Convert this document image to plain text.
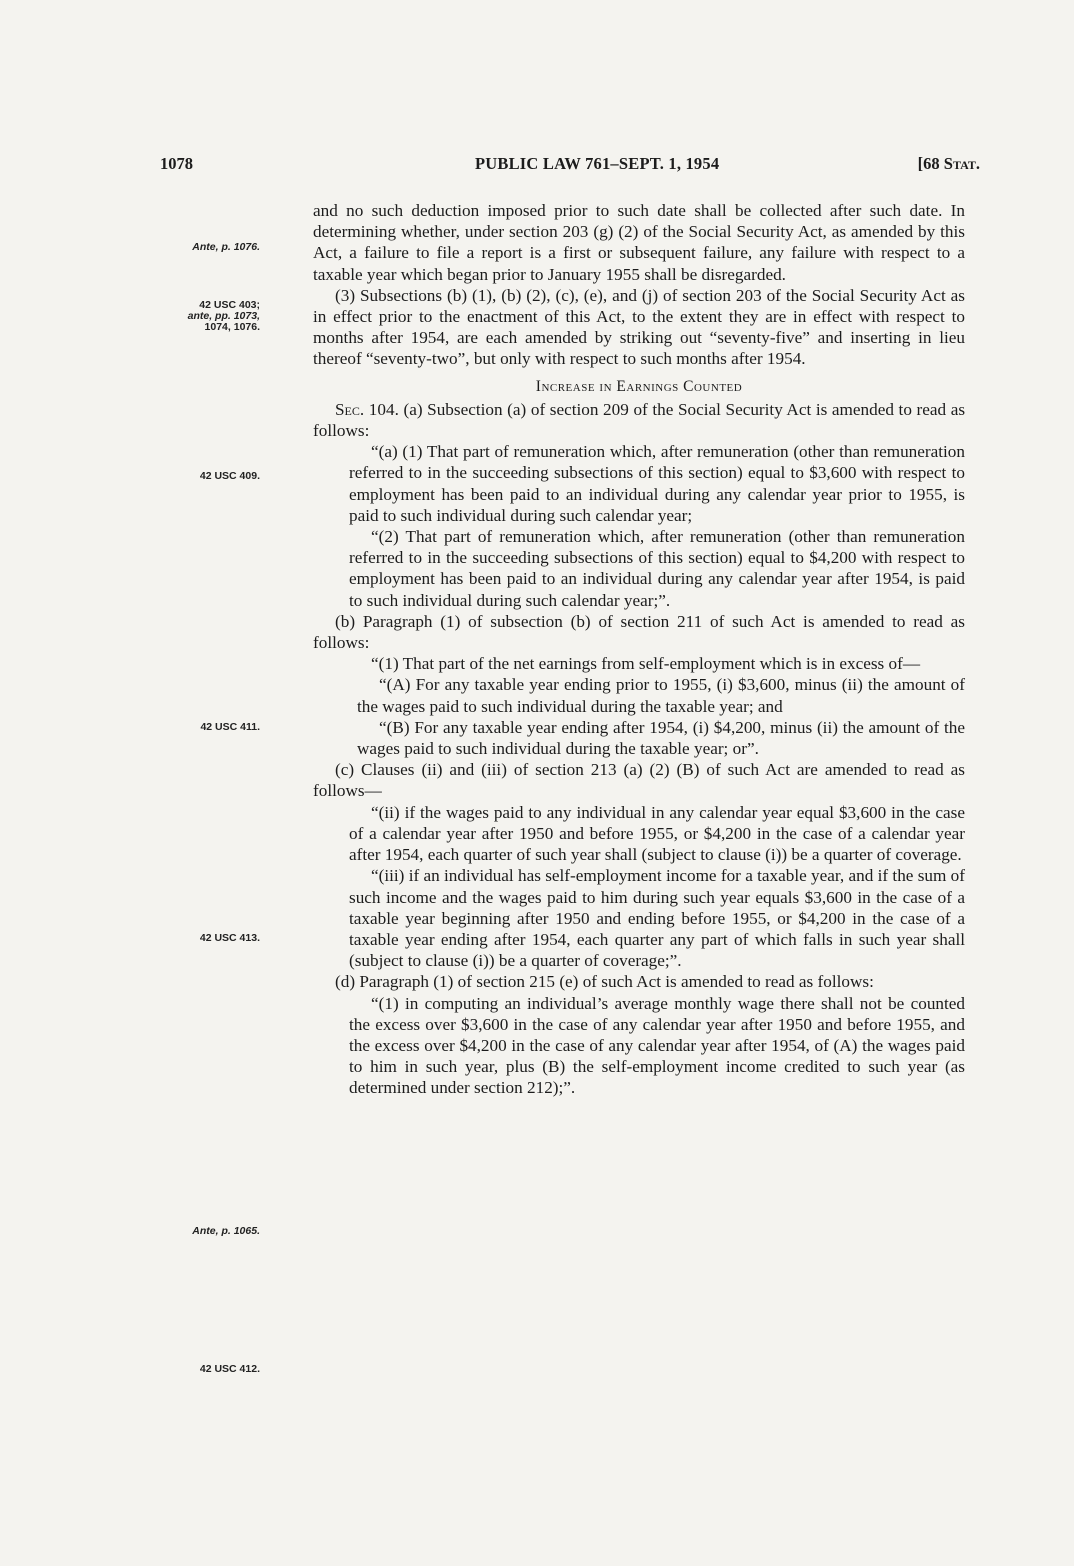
1078	PUBLIC LAW 761–SEPT. 1, 1954	[68 Stat.
Ante, p. 1076.
42 USC 403;
ante, pp. 1073,
1074, 1076.
42 USC 409.
42 USC 411.
42 USC 413.
Ante, p. 1065.
42 USC 412.

and no such deduction imposed prior to such date shall be collected after such date. In determining whether, under section 203 (g) (2) of the Social Security Act, as amended by this Act, a failure to file a report is a first or subsequent failure, any failure with respect to a taxable year which began prior to January 1955 shall be disregarded.

(3) Subsections (b) (1), (b) (2), (c), (e), and (j) of section 203 of the Social Security Act as in effect prior to the enactment of this Act, to the extent they are in effect with respect to months after 1954, are each amended by striking out “seventy-five” and inserting in lieu thereof “seventy-two”, but only with respect to such months after 1954.

Increase in Earnings Counted

Sec. 104. (a) Subsection (a) of section 209 of the Social Security Act is amended to read as follows:

“(a) (1) That part of remuneration which, after remuneration (other than remuneration referred to in the succeeding subsections of this section) equal to $3,600 with respect to employment has been paid to an individual during any calendar year prior to 1955, is paid to such individual during such calendar year;

“(2) That part of remuneration which, after remuneration (other than remuneration referred to in the succeeding subsections of this section) equal to $4,200 with respect to employment has been paid to an individual during any calendar year after 1954, is paid to such individual during such calendar year;”.

(b) Paragraph (1) of subsection (b) of section 211 of such Act is amended to read as follows:

“(1) That part of the net earnings from self-employment which is in excess of—

“(A) For any taxable year ending prior to 1955, (i) $3,600, minus (ii) the amount of the wages paid to such individual during the taxable year; and

“(B) For any taxable year ending after 1954, (i) $4,200, minus (ii) the amount of the wages paid to such individual during the taxable year; or”.

(c) Clauses (ii) and (iii) of section 213 (a) (2) (B) of such Act are amended to read as follows—

“(ii) if the wages paid to any individual in any calendar year equal $3,600 in the case of a calendar year after 1950 and before 1955, or $4,200 in the case of a calendar year after 1954, each quarter of such year shall (subject to clause (i)) be a quarter of coverage.

“(iii) if an individual has self-employment income for a taxable year, and if the sum of such income and the wages paid to him during such year equals $3,600 in the case of a taxable year beginning after 1950 and ending before 1955, or $4,200 in the case of a taxable year ending after 1954, each quarter any part of which falls in such year shall (subject to clause (i)) be a quarter of coverage;”.

(d) Paragraph (1) of section 215 (e) of such Act is amended to read as follows:

“(1) in computing an individual’s average monthly wage there shall not be counted the excess over $3,600 in the case of any calendar year after 1950 and before 1955, and the excess over $4,200 in the case of any calendar year after 1954, of (A) the wages paid to him in such year, plus (B) the self-employment income credited to such year (as determined under section 212);”.
